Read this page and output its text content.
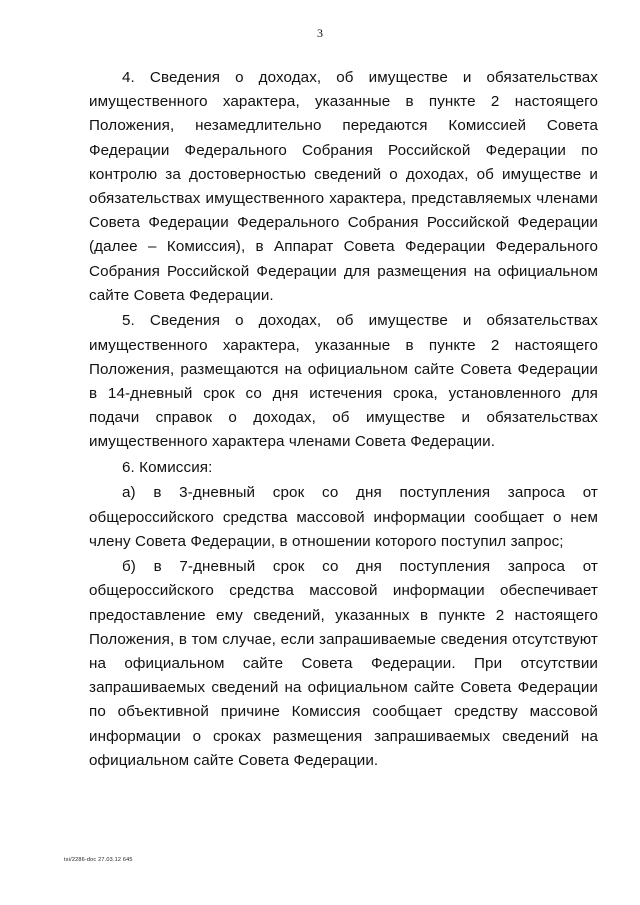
3

4. Сведения о доходах, об имуществе и обязательствах имущественного характера, указанные в пункте 2 настоящего Положения, незамедлительно передаются Комиссией Совета Федерации Федерального Собрания Российской Федерации по контролю за достоверностью сведений о доходах, об имуществе и обязательствах имущественного характера, представляемых членами Совета Федерации Федерального Собрания Российской Федерации (далее – Комиссия), в Аппарат Совета Федерации Федерального Собрания Российской Федерации для размещения на официальном сайте Совета Федерации.

5. Сведения о доходах, об имуществе и обязательствах имущественного характера, указанные в пункте 2 настоящего Положения, размещаются на официальном сайте Совета Федерации в 14-дневный срок со дня истечения срока, установленного для подачи справок о доходах, об имуществе и обязательствах имущественного характера членами Совета Федерации.

6. Комиссия:

а) в 3-дневный срок со дня поступления запроса от общероссийского средства массовой информации сообщает о нем члену Совета Федерации, в отношении которого поступил запрос;

б) в 7-дневный срок со дня поступления запроса от общероссийского средства массовой информации обеспечивает предоставление ему сведений, указанных в пункте 2 настоящего Положения, в том случае, если запрашиваемые сведения отсутствуют на официальном сайте Совета Федерации. При отсутствии запрашиваемых сведений на официальном сайте Совета Федерации по объективной причине Комиссия сообщает средству массовой информации о сроках размещения запрашиваемых сведений на официальном сайте Совета Федерации.

tsi/2286-doc 27.03.12 645
